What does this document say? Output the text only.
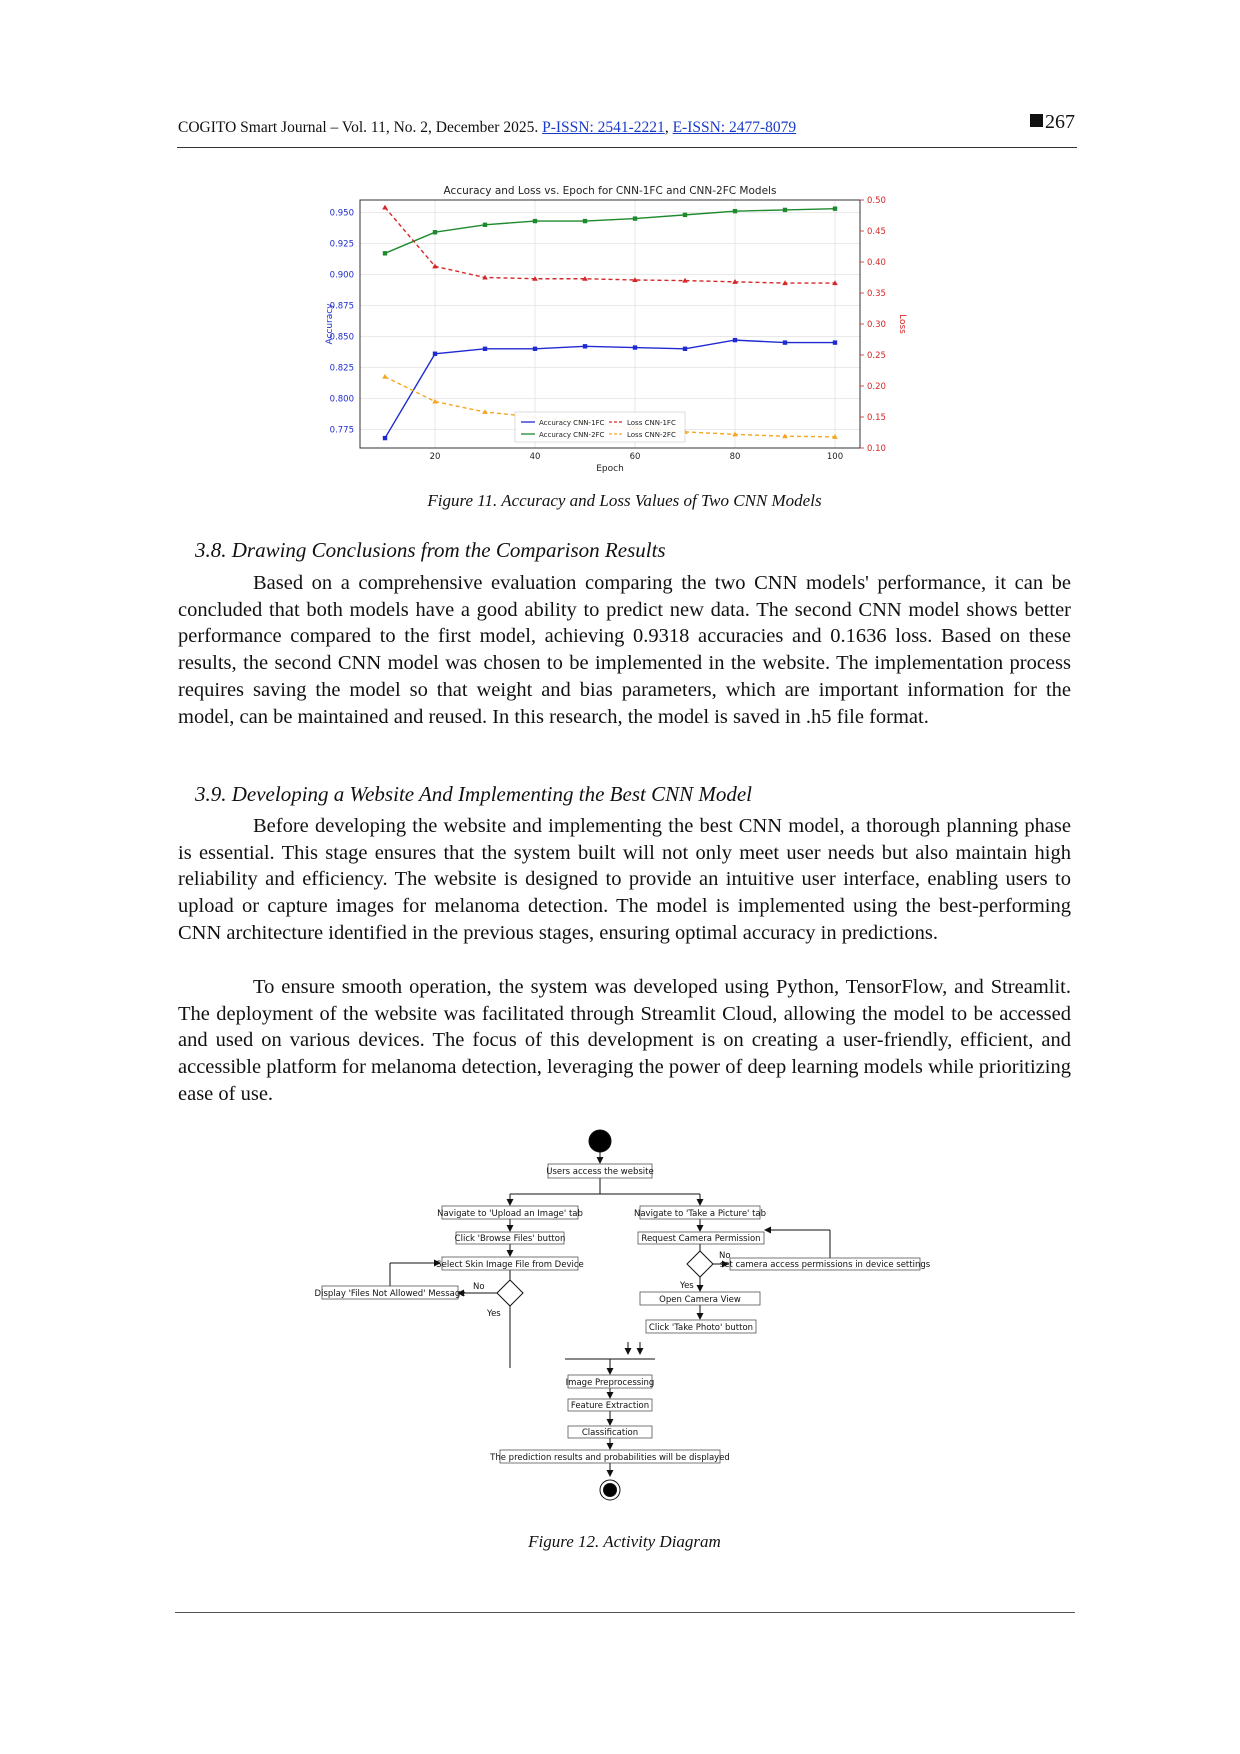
COGITO Smart Journal – Vol. 11, No. 2, December 2025. P-ISSN: 2541-2221, E-ISSN: 2477-8079	267
Accuracy and Loss vs. Epoch for CNN-1FC and CNN-2FC Models
0.775
0.800
0.825
0.850
0.875
0.900
0.925
0.950
0.10
0.15
0.20
0.25
0.30
0.35
0.40
0.45
0.50
20	40	60	80	100
Epoch
Accuracy	Loss
Accuracy CNN-1FC
Accuracy CNN-2FC
Loss CNN-1FC
Loss CNN-2FC
Figure 11. Accuracy and Loss Values of Two CNN Models
3.8. Drawing Conclusions from the Comparison Results

Based on a comprehensive evaluation comparing the two CNN models' performance, it can be concluded that both models have a good ability to predict new data. The second CNN model shows better performance compared to the first model, achieving 0.9318 accuracies and 0.1636 loss. Based on these results, the second CNN model was chosen to be implemented in the website. The implementation process requires saving the model so that weight and bias parameters, which are important information for the model, can be maintained and reused. In this research, the model is saved in .h5 file format.

3.9. Developing a Website And Implementing the Best CNN Model

Before developing the website and implementing the best CNN model, a thorough planning phase is essential. This stage ensures that the system built will not only meet user needs but also maintain high reliability and efficiency. The website is designed to provide an intuitive user interface, enabling users to upload or capture images for melanoma detection. The model is implemented using the best-performing CNN architecture identified in the previous stages, ensuring optimal accuracy in predictions.

To ensure smooth operation, the system was developed using Python, TensorFlow, and Streamlit. The deployment of the website was facilitated through Streamlit Cloud, allowing the model to be accessed and used on various devices. The focus of this development is on creating a user-friendly, efficient, and accessible platform for melanoma detection, leveraging the power of deep learning models while prioritizing ease of use.

Users access the website
Navigate to 'Upload an Image' tab
Click 'Browse Files' button
Select Skin Image File from Device
Display 'Files Not Allowed' Message
No
Yes
Navigate to 'Take a Picture' tab
Request Camera Permission
set camera access permissions in device settings
No
Yes
Open Camera View
Click 'Take Photo' button
Image Preprocessing
Feature Extraction
Classification
The prediction results and probabilities will be displayed
Figure 12. Activity Diagram
